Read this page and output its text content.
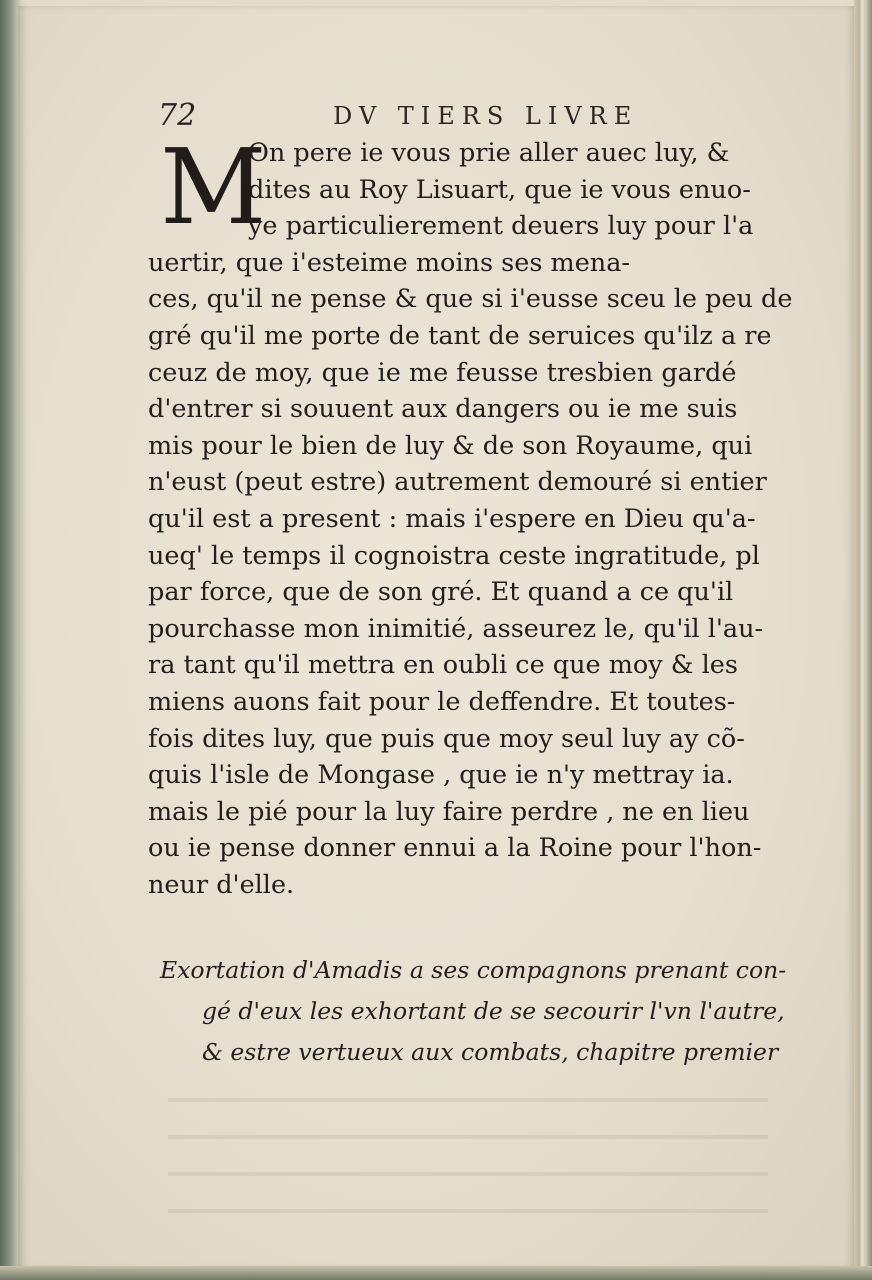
72	DV TIERS LIVRE
M
On pere ie vous prie aller auec luy, &
dites au Roy Lisuart, que ie vous enuo-
ye particulierement deuers luy pour l'a
uertir, que i'esteime moins ses mena-
ces, qu'il ne pense & que si i'eusse sceu le peu de
gré qu'il me porte de tant de seruices qu'ilz a re
ceuz de moy, que ie me feusse tresbien gardé
d'entrer si souuent aux dangers ou ie me suis
mis pour le bien de luy & de son Royaume, qui
n'eust (peut estre) autrement demouré si entier
qu'il est a present : mais i'espere en Dieu qu'a-
ueq' le temps il cognoistra ceste ingratitude, pl
par force, que de son gré. Et quand a ce qu'il
pourchasse mon inimitié, asseurez le, qu'il l'au-
ra tant qu'il mettra en oubli ce que moy & les
miens auons fait pour le deffendre. Et toutes-
fois dites luy, que puis que moy seul luy ay cõ-
quis l'isle de Mongase , que ie n'y mettray ia.
mais le pié pour la luy faire perdre , ne en lieu
ou ie pense donner ennui a la Roine pour l'hon-
neur d'elle.
Exortation d'Amadis a ses compagnons prenant con-
gé d'eux les exhortant de se secourir l'vn l'autre,
& estre vertueux aux combats, chapitre premier
